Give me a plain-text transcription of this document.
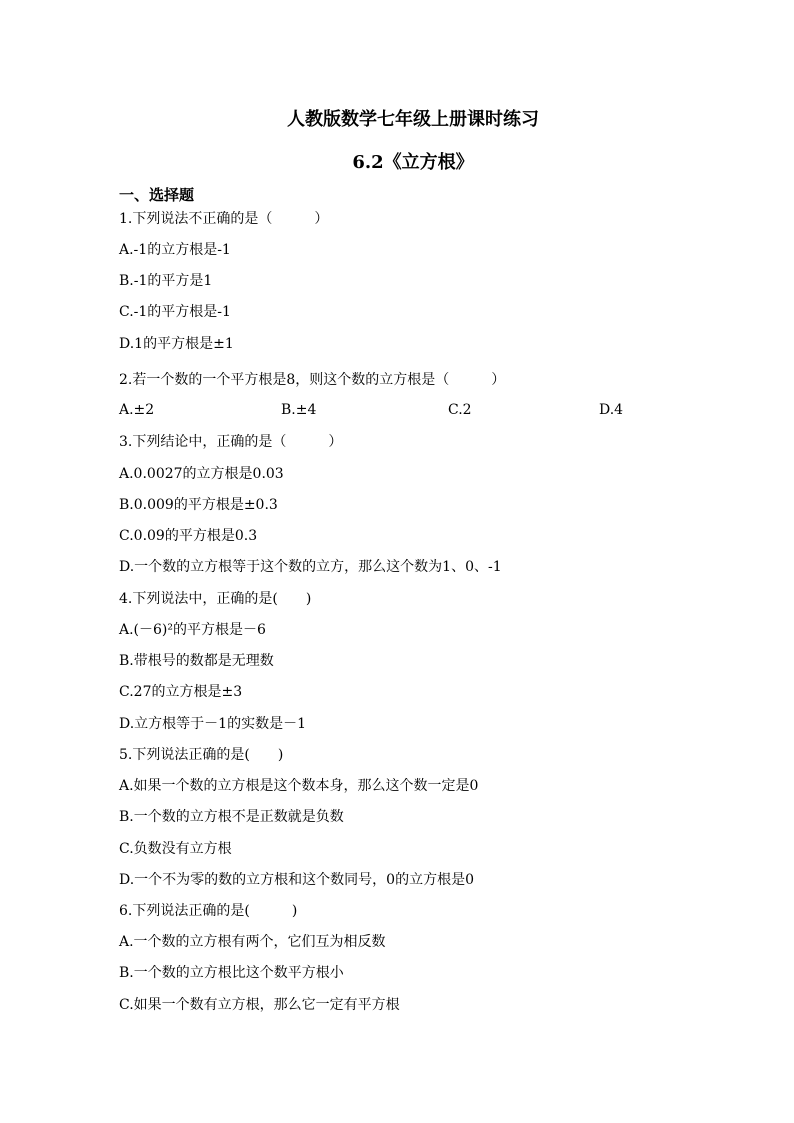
人教版数学七年级上册课时练习
6.2《立方根》
一、选择题
1.下列说法不正确的是（　　　）
A.-1的立方根是-1
B.-1的平方是1
C.-1的平方根是-1
D.1的平方根是±1
2.若一个数的一个平方根是8，则这个数的立方根是（　　　）
A.±2	B.±4	C.2	D.4
3.下列结论中，正确的是（　　　）
A.0.0027的立方根是0.03
B.0.009的平方根是±0.3
C.0.09的平方根是0.3
D.一个数的立方根等于这个数的立方，那么这个数为1、0、-1
4.下列说法中，正确的是(　　)
A.(－6)²的平方根是－6
B.带根号的数都是无理数
C.27的立方根是±3
D.立方根等于－1的实数是－1
5.下列说法正确的是(　　)
A.如果一个数的立方根是这个数本身，那么这个数一定是0
B.一个数的立方根不是正数就是负数
C.负数没有立方根
D.一个不为零的数的立方根和这个数同号，0的立方根是0
6.下列说法正确的是(　　　)
A.一个数的立方根有两个，它们互为相反数
B.一个数的立方根比这个数平方根小
C.如果一个数有立方根，那么它一定有平方根
